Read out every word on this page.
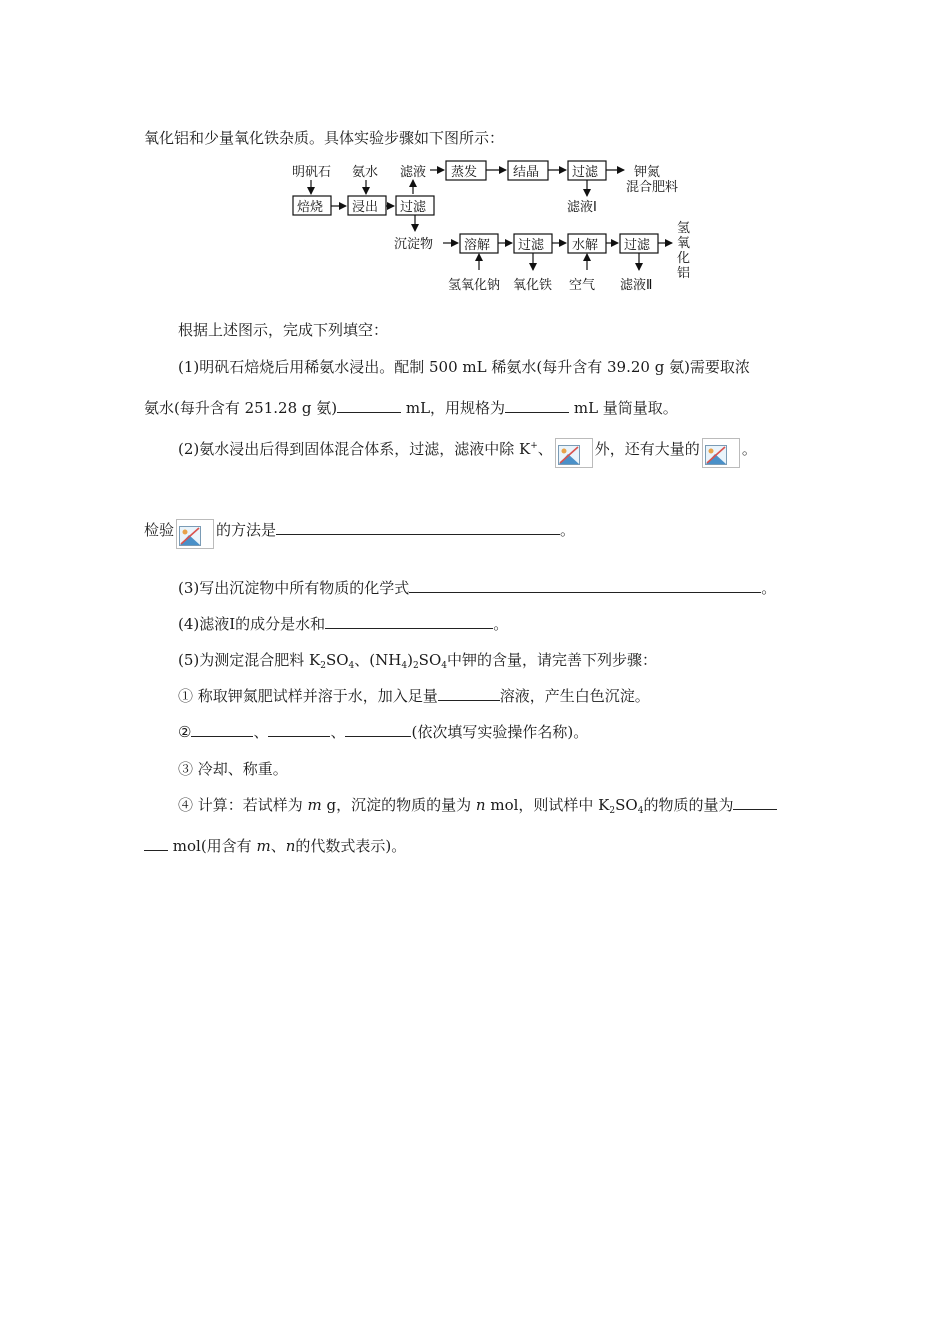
氧化铝和少量氧化铁杂质。具体实验步骤如下图所示：
明矾石 氨水 滤液 蒸发	结晶	过滤	钾氮
混合肥料
滤液Ⅰ
焙烧 浸出 过滤
沉淀物 溶解 过滤 水解 过滤
氢
氧
化
铝
氢氧化钠 氧化铁 空气 滤液Ⅱ
根据上述图示，完成下列填空：
(1)明矾石焙烧后用稀氨水浸出。配制 500 mL 稀氨水(每升含有 39.20 g 氨)需要取浓
氨水(每升含有 251.28 g 氨)	mL，用规格为	mL 量筒量取。
(2)氨水浸出后得到固体混合体系，过滤，滤液中除 K+、	外，还有大量的	。
检验	的方法是	。
(3)写出沉淀物中所有物质的化学式	。
(4)滤液Ⅰ的成分是水和	。
(5)为测定混合肥料 $K_2SO_4$、$(NH_4)_2SO_4$中钾的含量，请完善下列步骤：
① 称取钾氮肥试样并溶于水，加入足量	溶液，产生白色沉淀。
②	、	、	(依次填写实验操作名称)。
③ 冷却、称重。
④ 计算：若试样为 m g，沉淀的物质的量为 n mol，则试样中 $K_2SO_4$的物质的量为
mol(用含有 m、n的代数式表示)。
